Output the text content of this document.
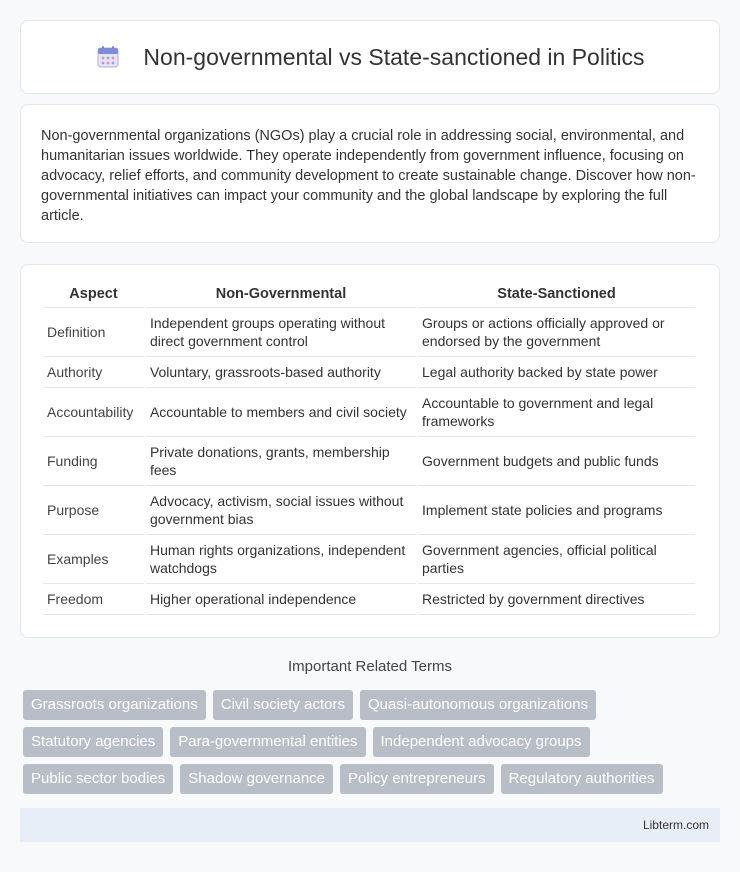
Non-governmental vs State-sanctioned in Politics

Non-governmental organizations (NGOs) play a crucial role in addressing social, environmental, and humanitarian issues worldwide. They operate independently from government influence, focusing on advocacy, relief efforts, and community development to create sustainable change. Discover how non-governmental initiatives can impact your community and the global landscape by exploring the full article.

Aspect	Non-Governmental	State-Sanctioned
Definition	Independent groups operating without direct government control	Groups or actions officially approved or endorsed by the government
Authority	Voluntary, grassroots-based authority	Legal authority backed by state power
Accountability	Accountable to members and civil society	Accountable to government and legal frameworks
Funding	Private donations, grants, membership fees	Government budgets and public funds
Purpose	Advocacy, activism, social issues without government bias	Implement state policies and programs
Examples	Human rights organizations, independent watchdogs	Government agencies, official political parties
Freedom	Higher operational independence	Restricted by government directives
Important Related Terms
Grassroots organizations	Civil society actors	Quasi-autonomous organizations
Statutory agencies	Para-governmental entities	Independent advocacy groups
Public sector bodies	Shadow governance	Policy entrepreneurs	Regulatory authorities
Libterm.com
